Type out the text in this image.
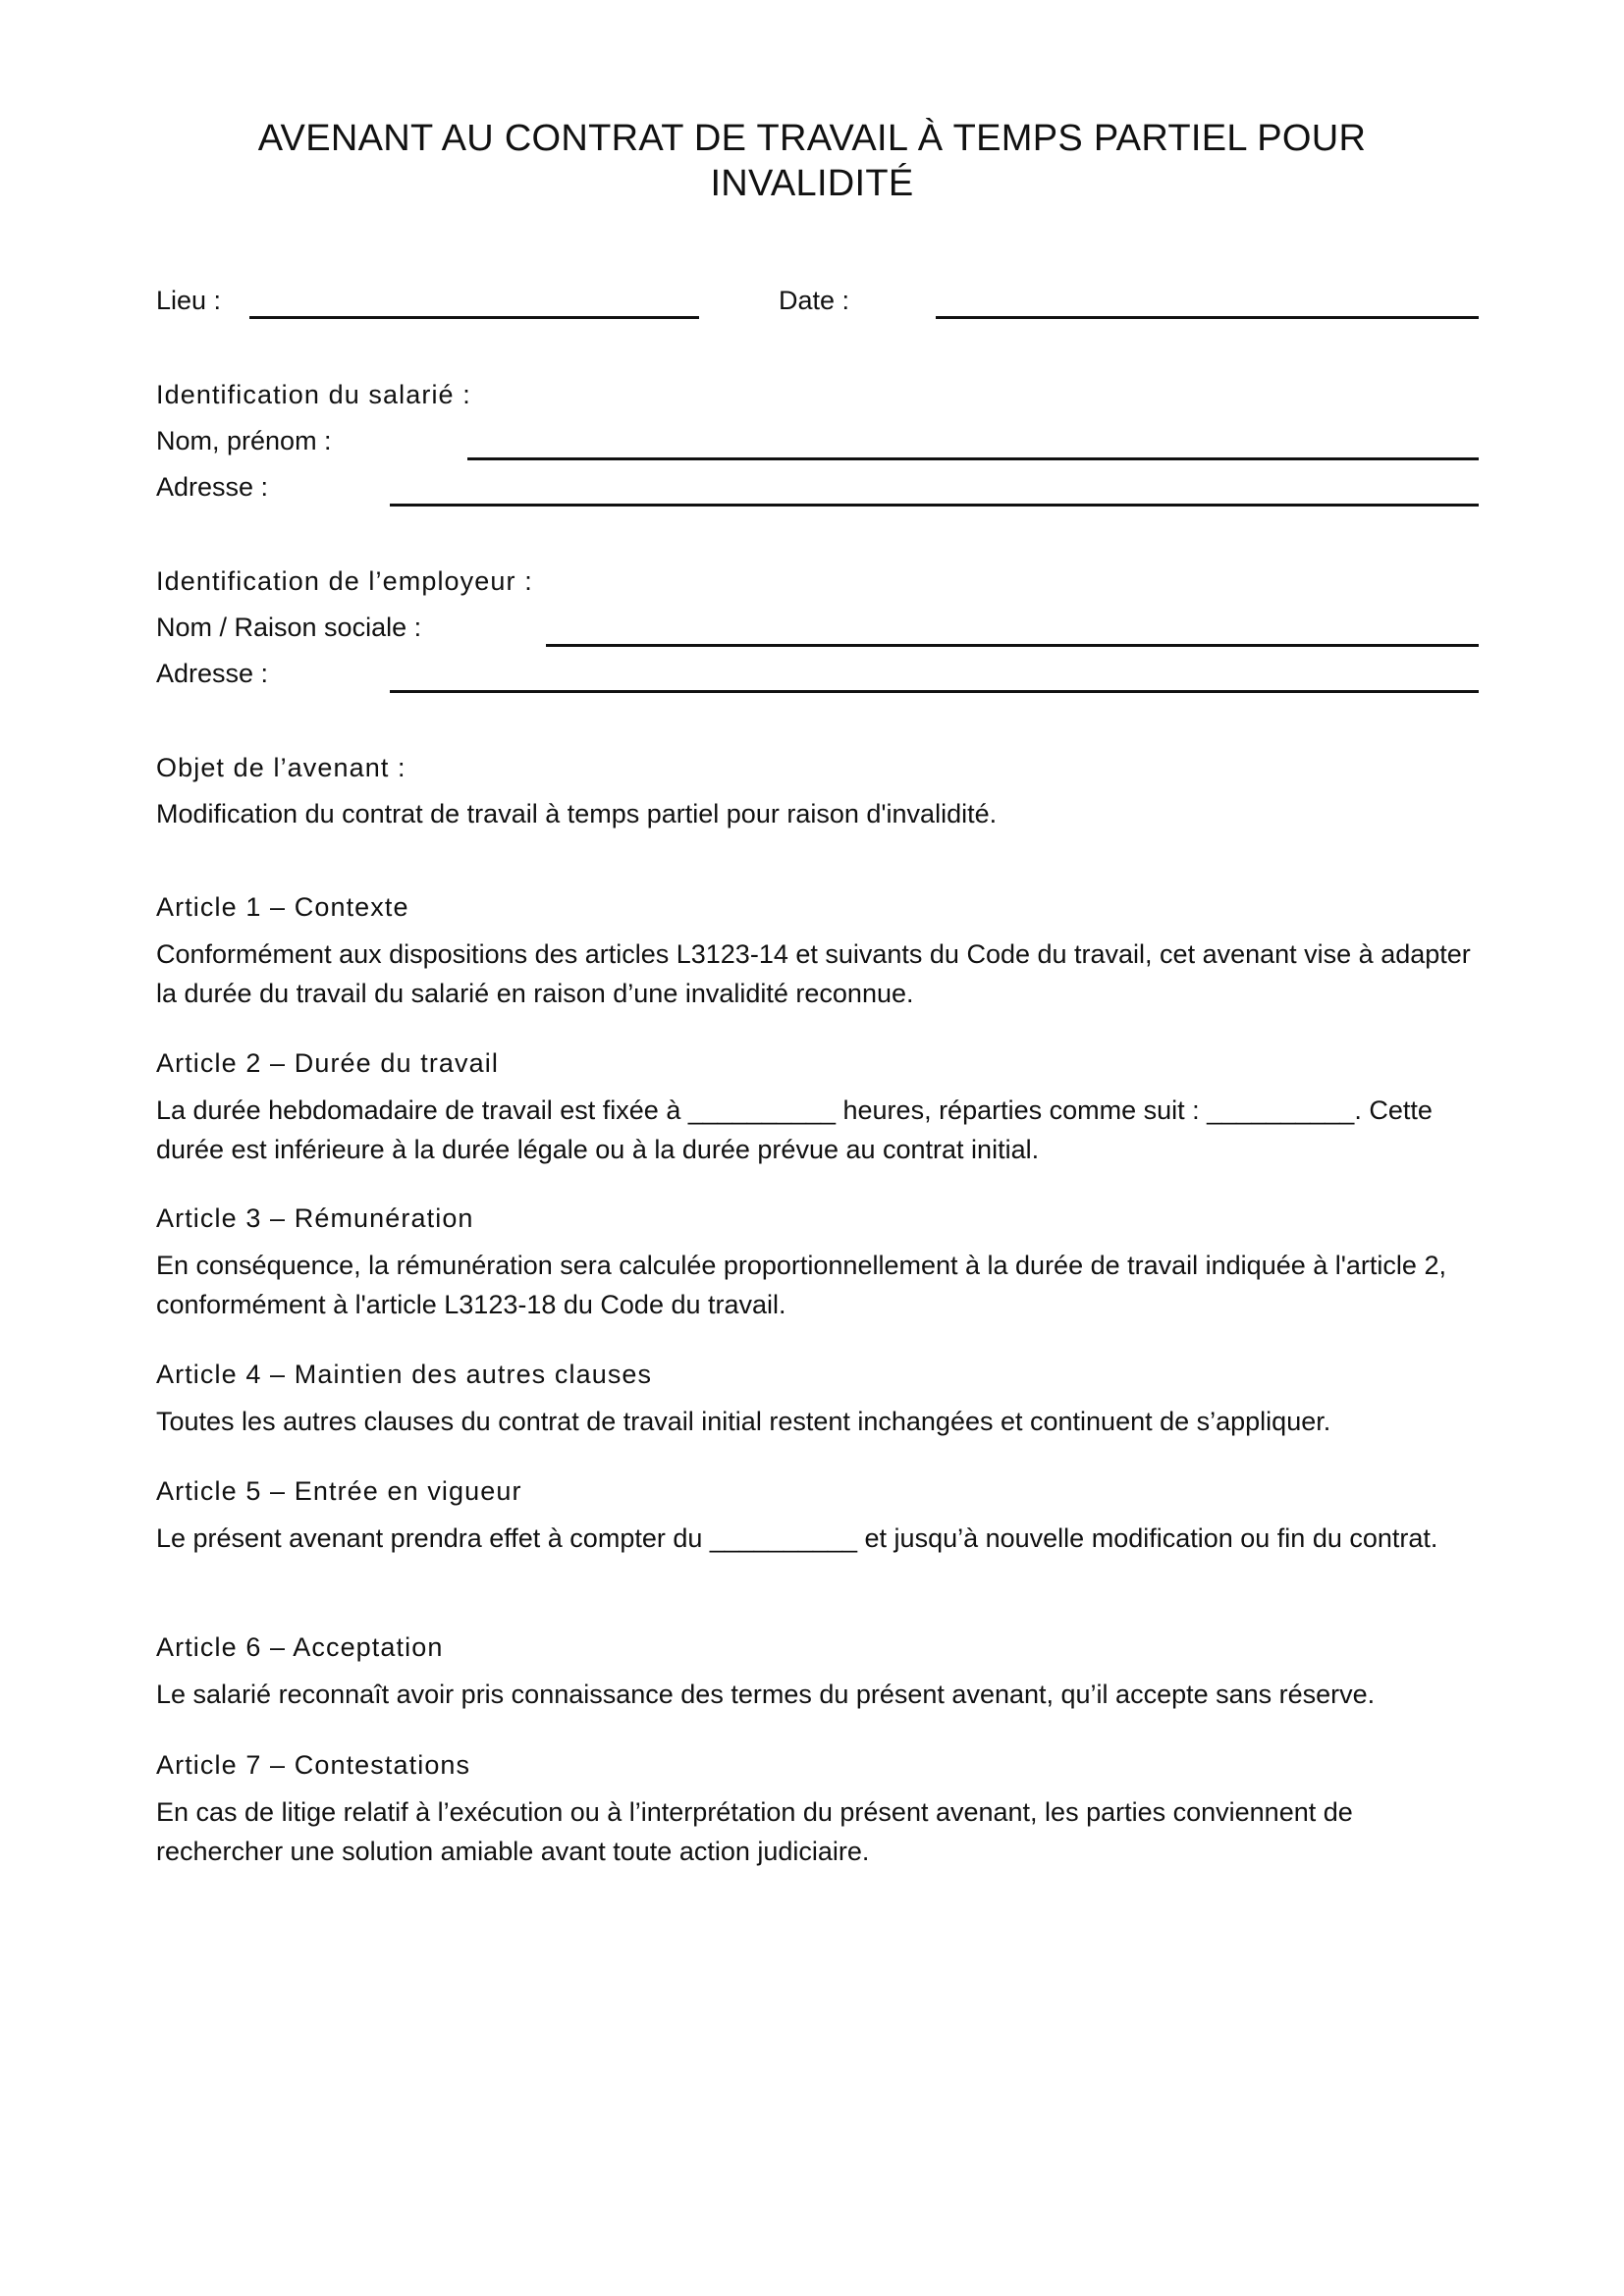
AVENANT AU CONTRAT DE TRAVAIL À TEMPS PARTIEL POUR
INVALIDITÉ
Lieu :	Date :
Identification du salarié :
Nom, prénom :
Adresse :
Identification de l’employeur :
Nom / Raison sociale :
Adresse :
Objet de l’avenant :
Modification du contrat de travail à temps partiel pour raison d'invalidité.
Article 1 – Contexte
Conformément aux dispositions des articles L3123-14 et suivants du Code du travail, cet avenant vise à adapter la durée du travail du salarié en raison d’une invalidité reconnue.
Article 2 – Durée du travail
La durée hebdomadaire de travail est fixée à __________ heures, réparties comme suit : __________. Cette durée est inférieure à la durée légale ou à la durée prévue au contrat initial.
Article 3 – Rémunération
En conséquence, la rémunération sera calculée proportionnellement à la durée de travail indiquée à l'article 2, conformément à l'article L3123-18 du Code du travail.
Article 4 – Maintien des autres clauses
Toutes les autres clauses du contrat de travail initial restent inchangées et continuent de s’appliquer.
Article 5 – Entrée en vigueur
Le présent avenant prendra effet à compter du __________ et jusqu’à nouvelle modification ou fin du contrat.
Article 6 – Acceptation
Le salarié reconnaît avoir pris connaissance des termes du présent avenant, qu’il accepte sans réserve.
Article 7 – Contestations
En cas de litige relatif à l’exécution ou à l’interprétation du présent avenant, les parties conviennent de rechercher une solution amiable avant toute action judiciaire.
